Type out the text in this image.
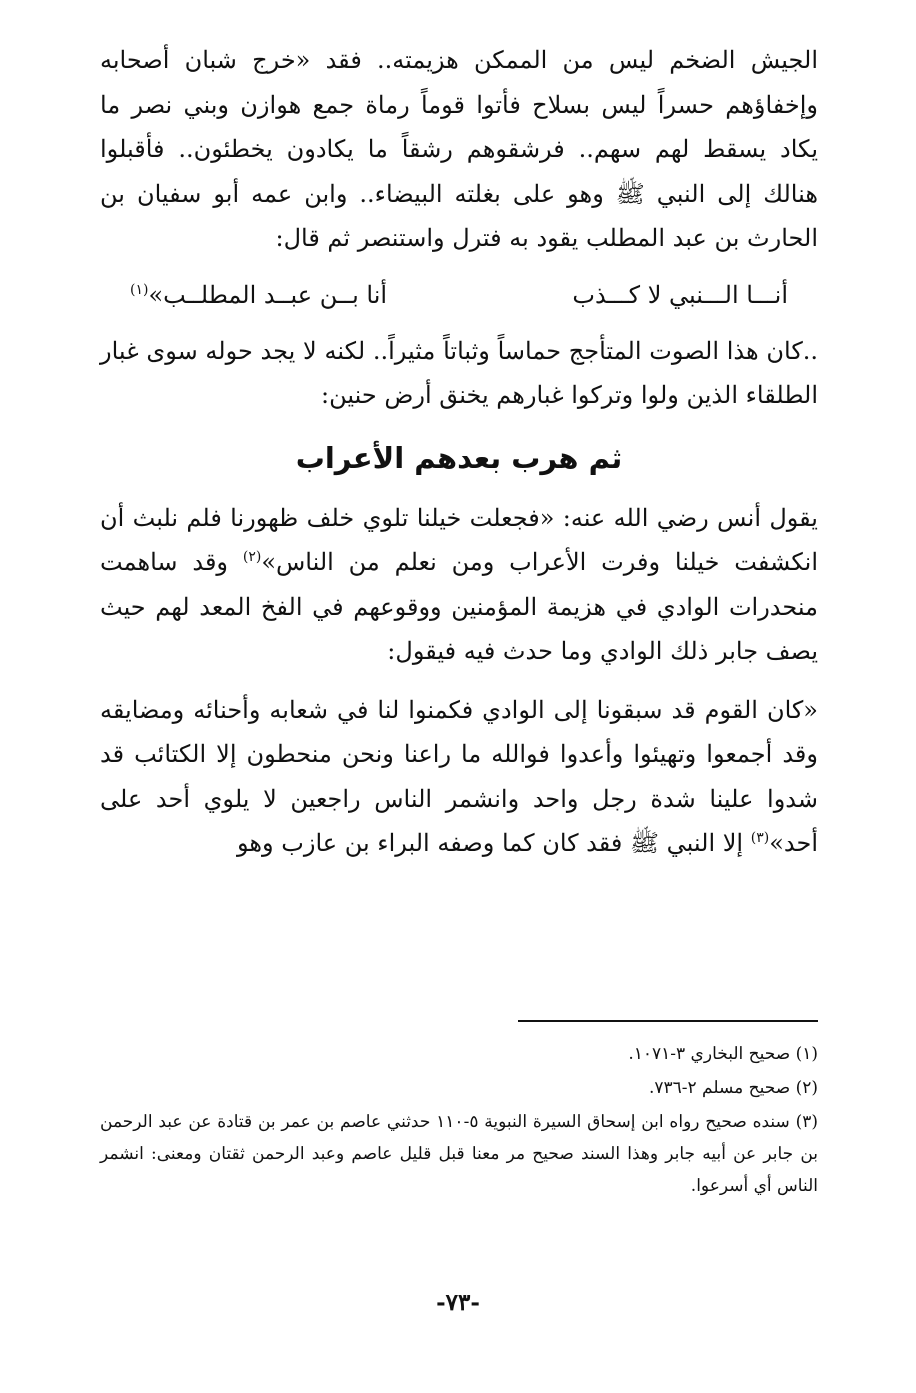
الجيش الضخم ليس من الممكن هزيمته.. فقد «خرج شبان أصحابه وإخفاؤهم حسراً ليس بسلاح فأتوا قوماً رماة جمع هوازن وبني نصر ما يكاد يسقط لهم سهم.. فرشقوهم رشقاً ما يكادون يخطئون.. فأقبلوا هنالك إلى النبي ﷺ وهو على بغلته البيضاء.. وابن عمه أبو سفيان بن الحارث بن عبد المطلب يقود به فترل واستنصر ثم قال:

أنـــا الـــنبي لا كـــذب
أنا بــن عبــد المطلــب»$^{(١)}$

..كان هذا الصوت المتأجج حماساً وثباتاً مثيراً.. لكنه لا يجد حوله سوى غبار الطلقاء الذين ولوا وتركوا غبارهم يخنق أرض حنين:

ثم هرب بعدهم الأعراب

يقول أنس رضي الله عنه: «فجعلت خيلنا تلوي خلف ظهورنا فلم نلبث أن انكشفت خيلنا وفرت الأعراب ومن نعلم من الناس»$^{(٢)}$ وقد ساهمت منحدرات الوادي في هزيمة المؤمنين ووقوعهم في الفخ المعد لهم حيث يصف جابر ذلك الوادي وما حدث فيه فيقول:

«كان القوم قد سبقونا إلى الوادي فكمنوا لنا في شعابه وأحنائه ومضايقه وقد أجمعوا وتهيئوا وأعدوا فوالله ما راعنا ونحن منحطون إلا الكتائب قد شدوا علينا شدة رجل واحد وانشمر الناس راجعين لا يلوي أحد على أحد»$^{(٣)}$ إلا النبي ﷺ فقد كان كما وصفه البراء بن عازب وهو

(١) صحيح البخاري ٣-١٠٧١.

(٢) صحيح مسلم ٢-٧٣٦.

(٣) سنده صحيح رواه ابن إسحاق السيرة النبوية ٥-١١٠ حدثني عاصم بن عمر بن قتادة عن عبد الرحمن بن جابر عن أبيه جابر وهذا السند صحيح مر معنا قبل قليل عاصم وعبد الرحمن ثقتان ومعنى: انشمر الناس أي أسرعوا.

-٧٣-
